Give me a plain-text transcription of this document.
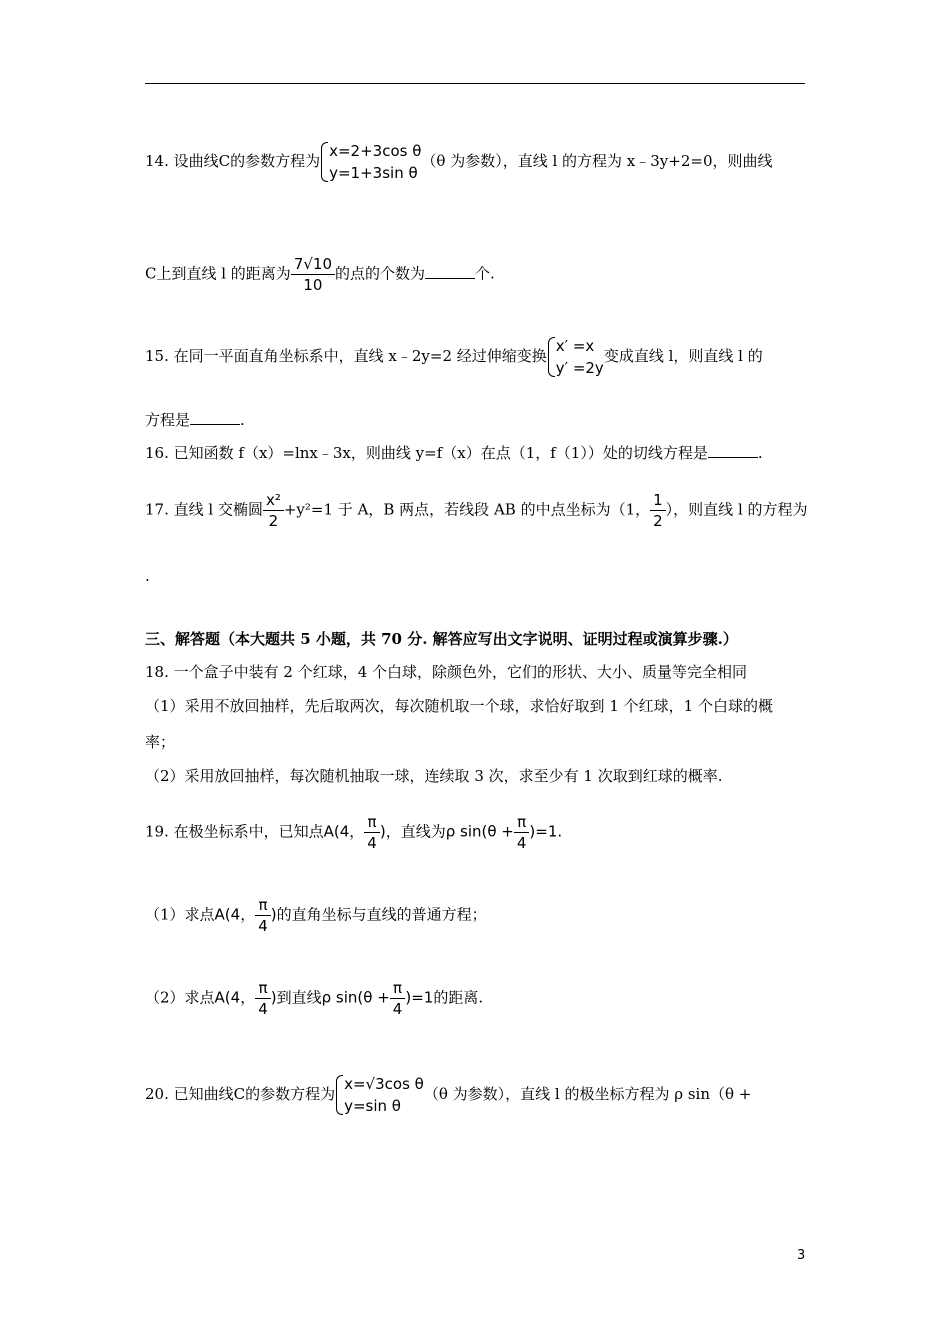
14. 设曲线C的参数方程为
x=2+3cos θ
y=1+3sin θ
（θ 为参数），直线 l 的方程为 x﹣3y+2=0，则曲线
C上到直线 l 的距离为 $\frac{7√10}{10}$ 的点的个数为	个.
15. 在同一平面直角坐标系中，直线 x﹣2y=2 经过伸缩变换
x′ =x
y′ =2y
变成直线 l，则直线 l 的
方程是	.
16. 已知函数 f（x）=lnx﹣3x，则曲线 y=f（x）在点（1，f（1））处的切线方程是	.
17. 直线 l 交椭圆 $\frac{\text{x²}}{2} +y^2=1$ 于 A，B 两点，若线段 AB 的中点坐标为（1， $\frac{1}{2}$ ），则直线 l 的方程为
.
三、解答题（本大题共 5 小题，共 70 分. 解答应写出文字说明、证明过程或演算步骤.）
18. 一个盒子中装有 2 个红球，4 个白球，除颜色外，它们的形状、大小、质量等完全相同
（1）采用不放回抽样，先后取两次，每次随机取一个球，求恰好取到 1 个红球，1 个白球的概
率；
（2）采用放回抽样，每次随机抽取一球，连续取 3 次，求至少有 1 次取到红球的概率.
19. 在极坐标系中，已知点A(4， $\frac{\pi}{4}$ )，直线为ρ $\sin(\theta + \frac{\pi}{4} )=1$.
（1）求点A(4， $\frac{\pi}{4}$ )的直角坐标与直线的普通方程；
（2）求点A(4， $\frac{\pi}{4}$ )到直线ρ $\sin(\theta + \frac{\pi}{4} )=1$的距离.
20. 已知曲线C的参数方程为
x=√3cos θ
y=sin θ
（θ 为参数），直线 l 的极坐标方程为 ρ sin（θ +
3
